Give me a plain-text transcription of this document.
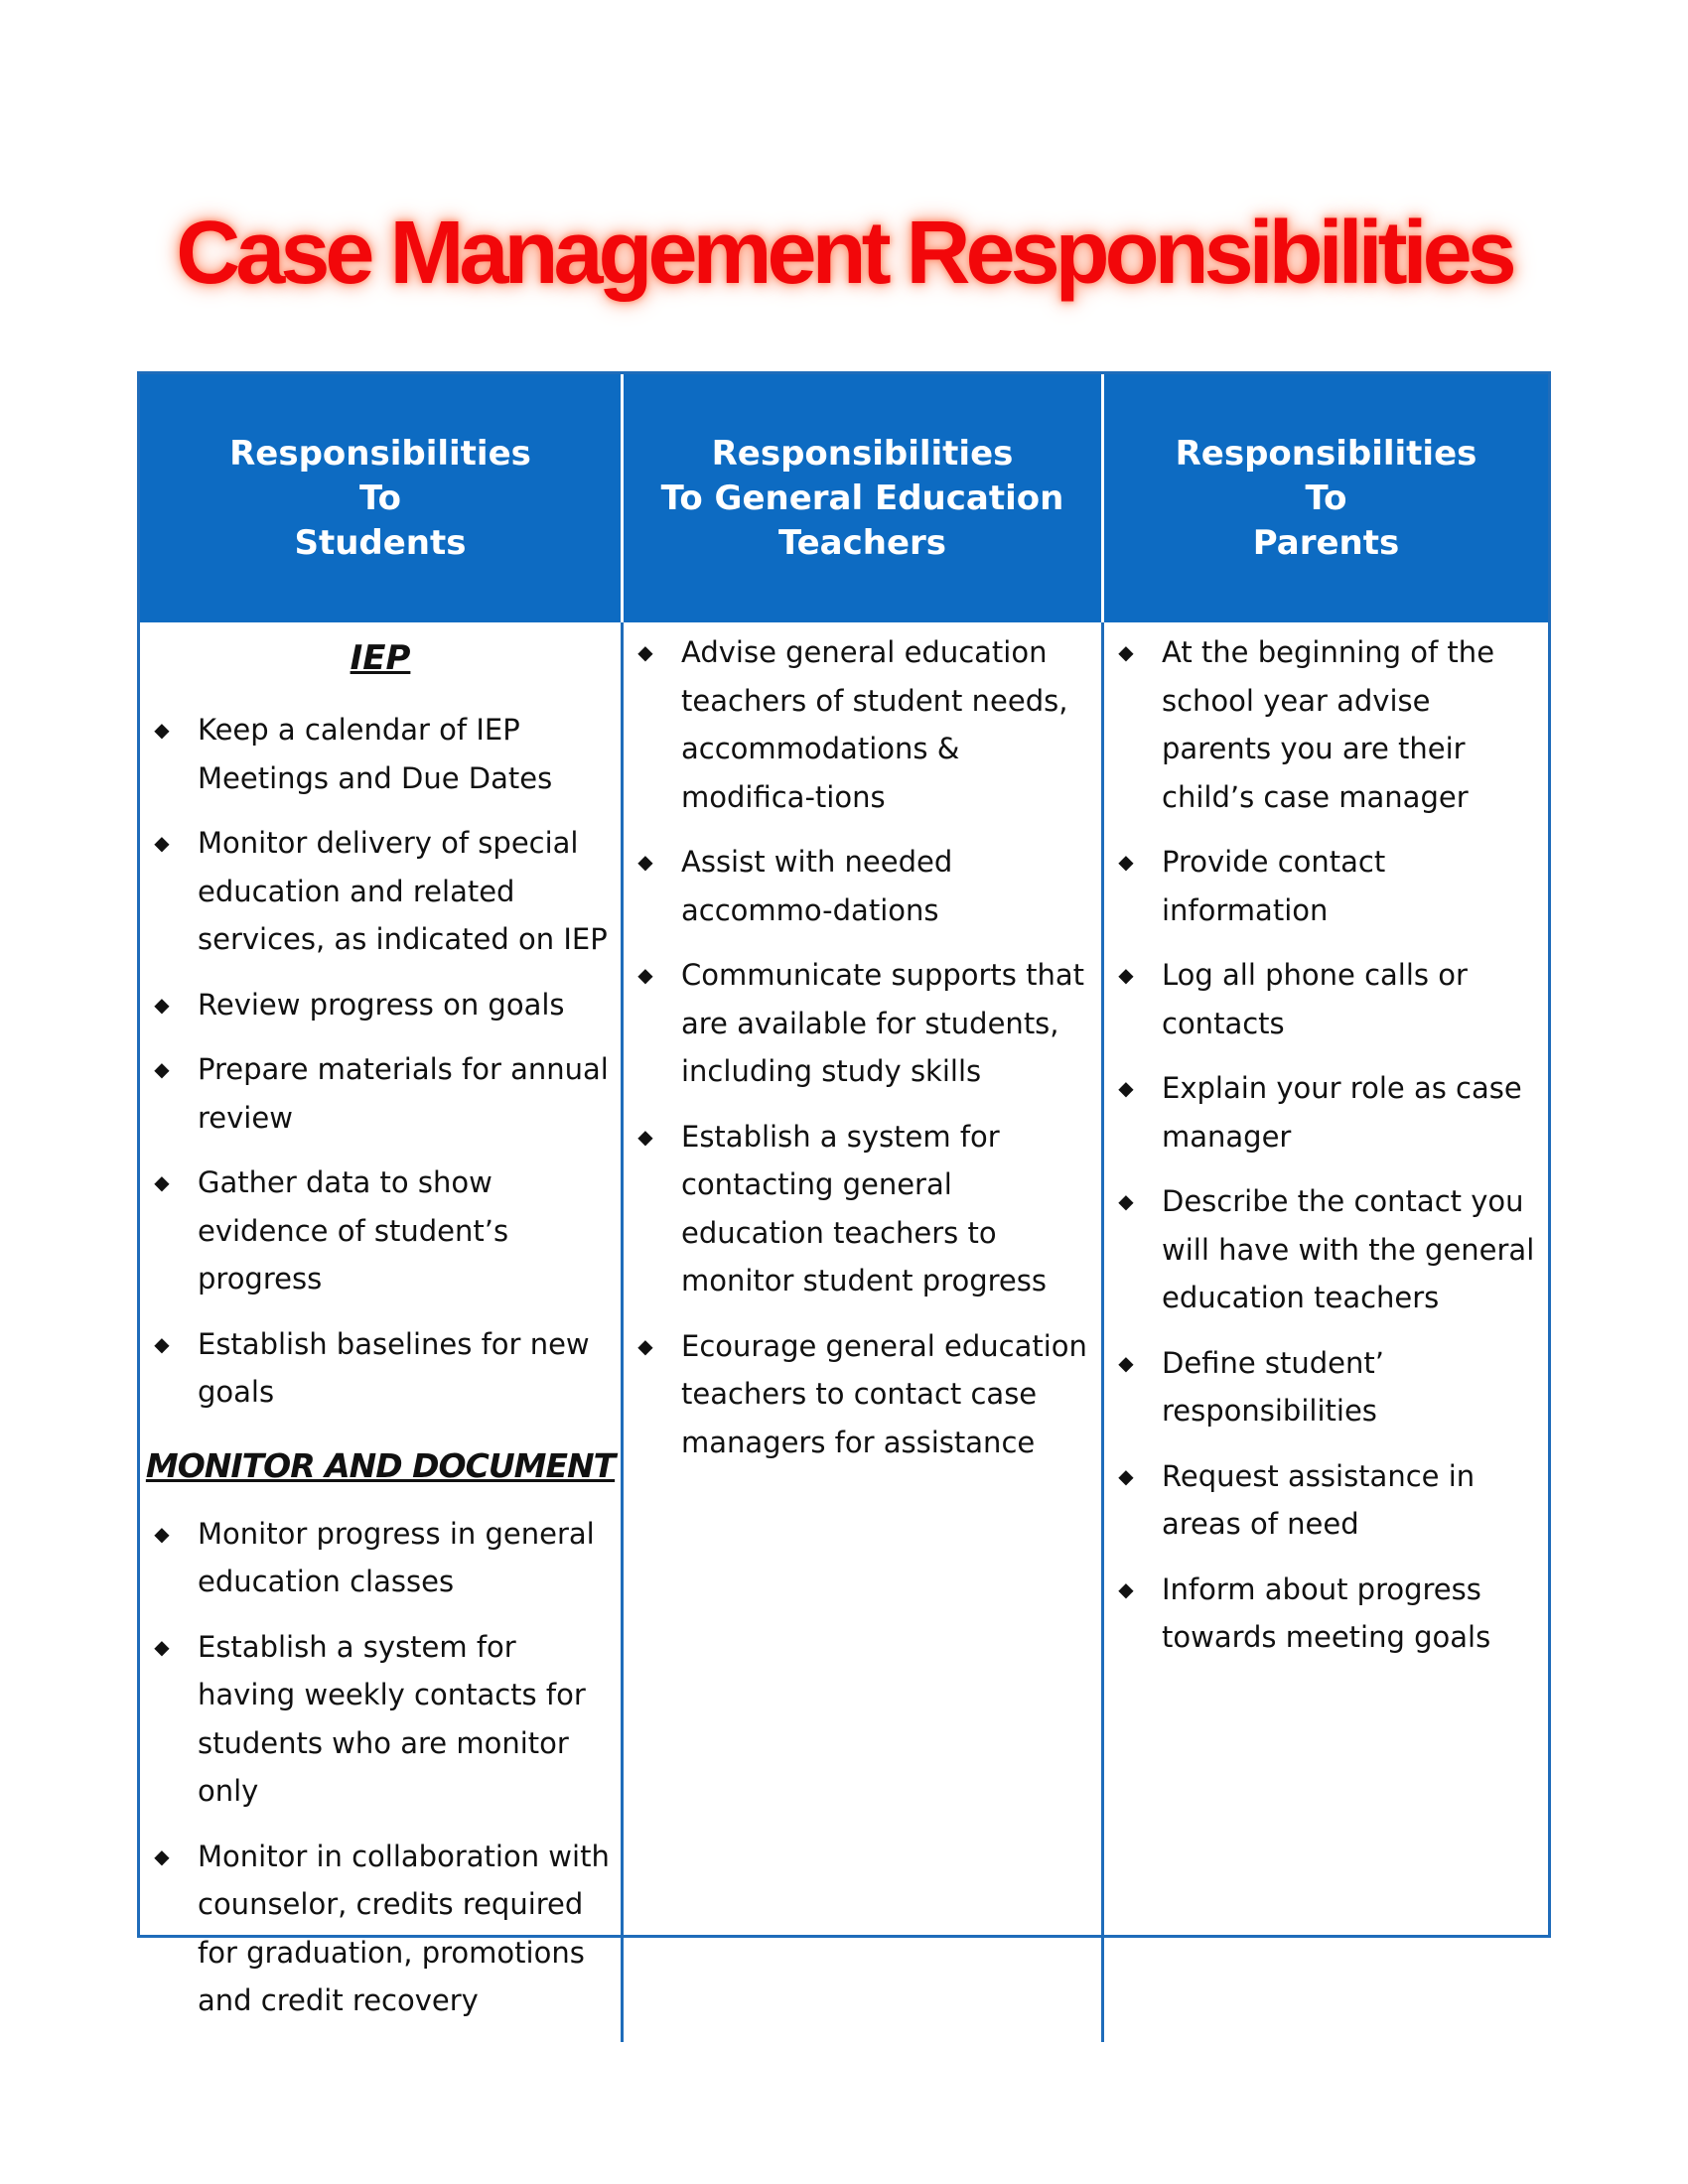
Case Management Responsibilities
Responsibilities
To
Students
Responsibilities
To General Education
Teachers
Responsibilities
To
Parents
IEP
◆ Keep a calendar of IEP Meetings and Due Dates
◆ Monitor delivery of special education and related services, as indicated on IEP
◆ Review progress on goals
◆ Prepare materials for annual review
◆ Gather data to show evidence of student’s progress
◆ Establish baselines for new goals
MONITOR AND DOCUMENT
◆ Monitor progress in general education classes
◆ Establish a system for having weekly contacts for students who are monitor only
◆ Monitor in collaboration with counselor, credits required for graduation, promotions and credit recovery
◆ Advise general education teachers of student needs, accommodations & modifica-tions
◆ Assist with needed accommo-dations
◆ Communicate supports that are available for students, including study skills
◆ Establish a system for contacting general education teachers to monitor student progress
◆ Ecourage general education teachers to contact case managers for assistance
◆ At the beginning of the school year advise parents you are their child’s case manager
◆ Provide contact information
◆ Log all phone calls or contacts
◆ Explain your role as case manager
◆ Describe the contact you will have with the general education teachers
◆ Define student’ responsibilities
◆ Request assistance in areas of need
◆ Inform about progress towards meeting goals
